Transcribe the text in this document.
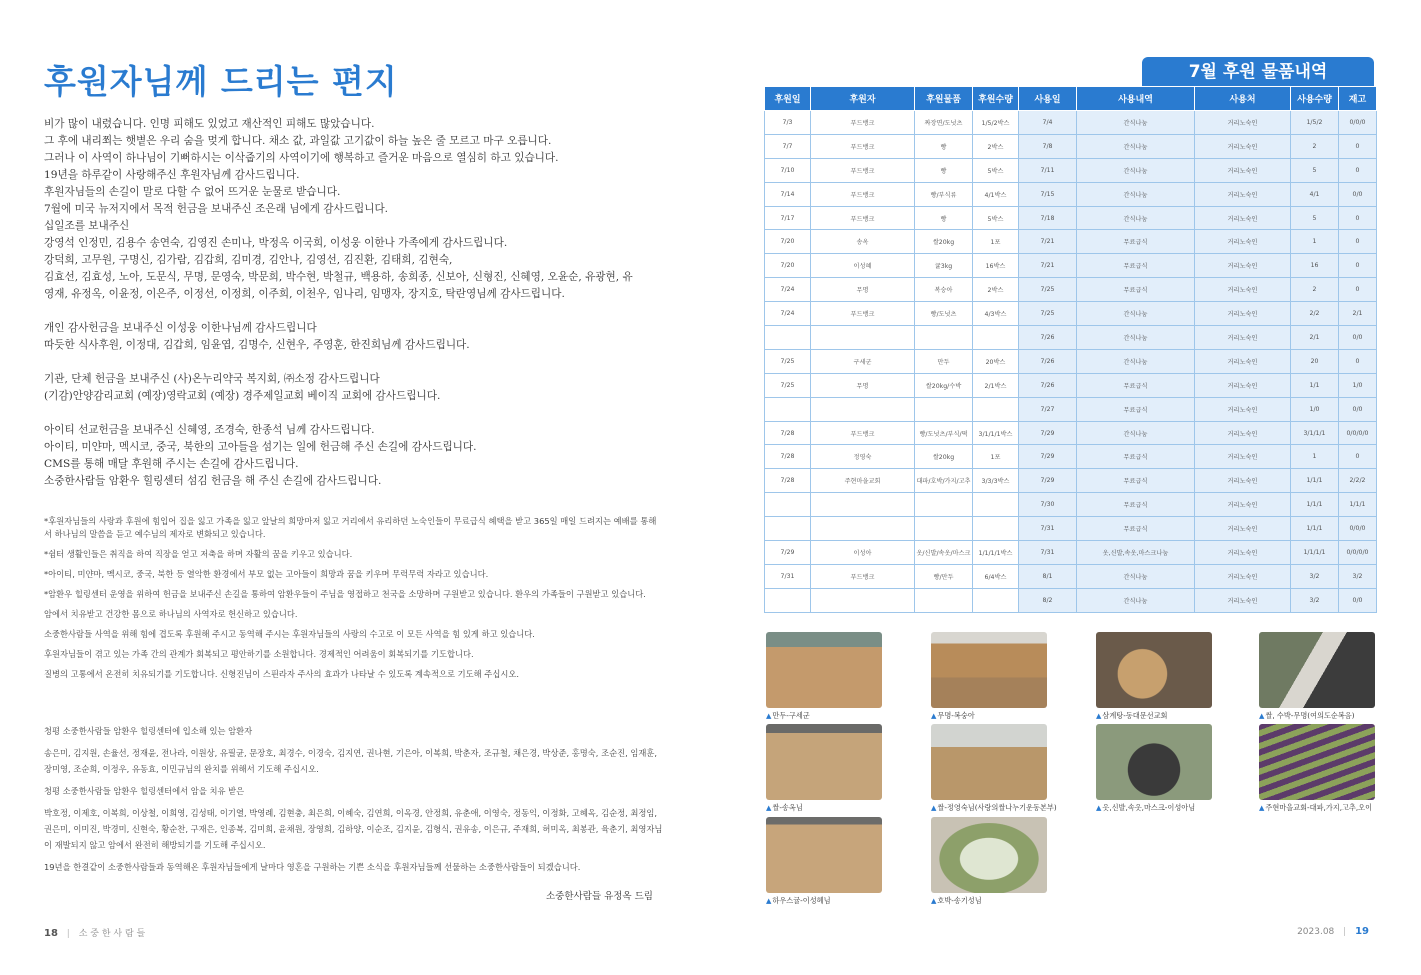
후원자님께 드리는 편지
비가 많이 내렸습니다. 인명 피해도 있었고 재산적인 피해도 많았습니다.
그 후에 내리쬐는 햇볕은 우리 숨을 멎게 합니다. 채소 값, 과일값 고기값이 하늘 높은 줄 모르고 마구 오릅니다.
그러나 이 사역이 하나님이 기뻐하시는 이삭줍기의 사역이기에 행복하고 즐거운 마음으로 열심히 하고 있습니다.
19년을 하루같이 사랑해주신 후원자님께 감사드립니다.
후원자님들의 손길이 말로 다할 수 없어 뜨거운 눈물로 받습니다.
7월에 미국 뉴저지에서 목적 헌금을 보내주신 조은래 님에게 감사드립니다.
십일조를 보내주신
강영석 인정민, 김용수 송연숙, 김영진 손미나, 박정옥 이국희, 이성웅 이한나 가족에게 감사드립니다.
강덕희, 고무원, 구명신, 김가람, 김갑희, 김미경, 김안나, 김영선, 김진환, 김태희, 김현숙,
김효선, 김효성, 노아, 도문식, 무명, 문영숙, 박문희, 박수현, 박철규, 백용하, 송희종, 신보아, 신형진, 신혜영, 오윤순, 유광현, 유
영재, 유정옥, 이윤정, 이은주, 이정선, 이정희, 이주희, 이천우, 임나리, 임맹자, 장지호, 탁란영님께 감사드립니다.
개인 감사헌금을 보내주신 이성웅 이한나님께 감사드립니다
따듯한 식사후원, 이정대, 김갑희, 임윤엽, 김명수, 신현우, 주영훈, 한진희님께 감사드립니다.
기관, 단체 헌금을 보내주신 (사)온누리약국 복지회, ㈜소정 감사드립니다
(기감)안양감리교회 (예장)영락교회 (예장) 경주제일교회 베이직 교회에 감사드립니다.
아이티 선교헌금을 보내주신 신혜영, 조경숙, 한종석 님께 감사드립니다.
아이티, 미얀마, 멕시코, 중국, 북한의 고아들을 섬기는 일에 헌금해 주신 손길에 감사드립니다.
CMS를 통해 매달 후원해 주시는 손길에 감사드립니다.
소중한사람들 암환우 힐링센터 섬김 헌금을 해 주신 손길에 감사드립니다.
*후원자님들의 사랑과 후원에 힘입어 집을 잃고 가족을 잃고 앞날의 희망마저 잃고 거리에서 유리하던 노숙인들이 무료급식 혜택을 받고 365일 매일 드려지는 예배를 통해서 하나님의 말씀을 듣고 예수님의 제자로 변화되고 있습니다.
*쉼터 생활인들은 취직을 하여 직장을 얻고 저축을 하며 자활의 꿈을 키우고 있습니다.
*아이티, 미얀마, 멕시코, 중국, 북한 등 열악한 환경에서 부모 없는 고아들이 희망과 꿈을 키우며 무럭무럭 자라고 있습니다.
*암환우 힐링센터 운영을 위하여 헌금을 보내주신 손길을 통하여 암환우들이 주님을 영접하고 천국을 소망하며 구원받고 있습니다. 환우의 가족들이 구원받고 있습니다.
암에서 치유받고 건강한 몸으로 하나님의 사역자로 헌신하고 있습니다.
소중한사람들 사역을 위해 힘에 겹도록 후원해 주시고 동역해 주시는 후원자님들의 사랑의 수고로 이 모든 사역을 힘 있게 하고 있습니다.
후원자님들이 겪고 있는 가족 간의 관계가 회복되고 평안하기를 소원합니다. 경제적인 어려움이 회복되기를 기도합니다.
질병의 고통에서 온전히 치유되기를 기도합니다. 신형진님이 스핀라자 주사의 효과가 나타날 수 있도록 계속적으로 기도해 주십시오.
청평 소중한사람들 암환우 힐링센터에 입소해 있는 암환자
송은미, 김지원, 손율선, 정재윤, 전나라, 이원상, 유필균, 문장호, 최경수, 이경숙, 김지연, 권나현, 기은아, 이복희, 박춘자, 조규철, 채은경, 박상준, 홍명숙, 조순진, 임재훈, 장미영, 조순희, 이정우, 유동효, 이민규님의 완치를 위해서 기도해 주십시오.
청평 소중한사람들 암환우 힐링센터에서 암을 치유 받은
박호정, 이제호, 이복희, 이상철, 이희영, 김성태, 이기열, 박영례, 김현충, 최은희, 이혜숙, 김연희, 이옥경, 안정희, 유춘애, 이영숙, 정동익, 이정화, 고혜옥, 김순정, 최정임, 권은미, 이미진, 박경미, 신현숙, 황순찬, 구재은, 인종복, 김미희, 윤채원, 장영희, 김하양, 이순조, 김지윤, 김형식, 권유송, 이은규, 주재희, 허미옥, 최봉관, 육춘기, 최영자님이 재발되지 않고 암에서 완전히 해방되기를 기도해 주십시오.
19년을 한결같이 소중한사람들과 동역해온 후원자님들에게 날마다 영혼을 구원하는 기쁜 소식을 후원자님들께 선물하는 소중한사람들이 되겠습니다.
소중한사람들 유정옥 드림
18 | 소 중 한 사 람 들
7월 후원 물품내역
후원일	후원자	후원물품	후원수량	사용일	사용내역	사용처	사용수량	재고
7/3	푸드뱅크	짜장면/도넛츠	1/5/2박스	7/4	간식나눔	거리노숙인	1/5/2	0/0/0
7/7	푸드뱅크	빵	2박스	7/8	간식나눔	거리노숙인	2	0
7/10	푸드뱅크	빵	5박스	7/11	간식나눔	거리노숙인	5	0
7/14	푸드뱅크	빵/부식류	4/1박스	7/15	간식나눔	거리노숙인	4/1	0/0
7/17	푸드뱅크	빵	5박스	7/18	간식나눔	거리노숙인	5	0
7/20	송옥	쌀20kg	1포	7/21	무료급식	거리노숙인	1	0
7/20	이성혜	귤3kg	16박스	7/21	무료급식	거리노숙인	16	0
7/24	무명	복숭아	2박스	7/25	무료급식	거리노숙인	2	0
7/24	푸드뱅크	빵/도넛츠	4/3박스	7/25	간식나눔	거리노숙인	2/2	2/1
				7/26	간식나눔	거리노숙인	2/1	0/0
7/25	구세군	만두	20박스	7/26	간식나눔	거리노숙인	20	0
7/25	무명	쌀20kg/수박	2/1박스	7/26	무료급식	거리노숙인	1/1	1/0
				7/27	무료급식	거리노숙인	1/0	0/0
7/28	푸드뱅크	빵/도넛츠/부식/떡	3/1/1/1박스	7/29	간식나눔	거리노숙인	3/1/1/1	0/0/0/0
7/28	정영숙	쌀20kg	1포	7/29	무료급식	거리노숙인	1	0
7/28	주현마을교회	대파/호박/가지/고추	3/3/3박스	7/29	무료급식	거리노숙인	1/1/1	2/2/2
				7/30	무료급식	거리노숙인	1/1/1	1/1/1
				7/31	무료급식	거리노숙인	1/1/1	0/0/0
7/29	이성아	옷/신발/속옷/마스크	1/1/1/1박스	7/31	옷,신발,속옷,마스크나눔	거리노숙인	1/1/1/1	0/0/0/0
7/31	푸드뱅크	빵/만두	6/4박스	8/1	간식나눔	거리노숙인	3/2	3/2
				8/2	간식나눔	거리노숙인	3/2	0/0
▲만두-구세군	▲무명-복숭아	▲삼계탕-동대문선교회	▲쌀, 수박-무명(여의도순복음)
▲쌀-송옥님	▲쌀-정영숙님(사랑의쌀나누기운동본부)	▲옷,신발,속옷,마스크-이성아님	▲주현마을교회-대파,가지,고추,오이
▲하우스귤-이성혜님	▲호박-송기성님
2023.08 | 19
